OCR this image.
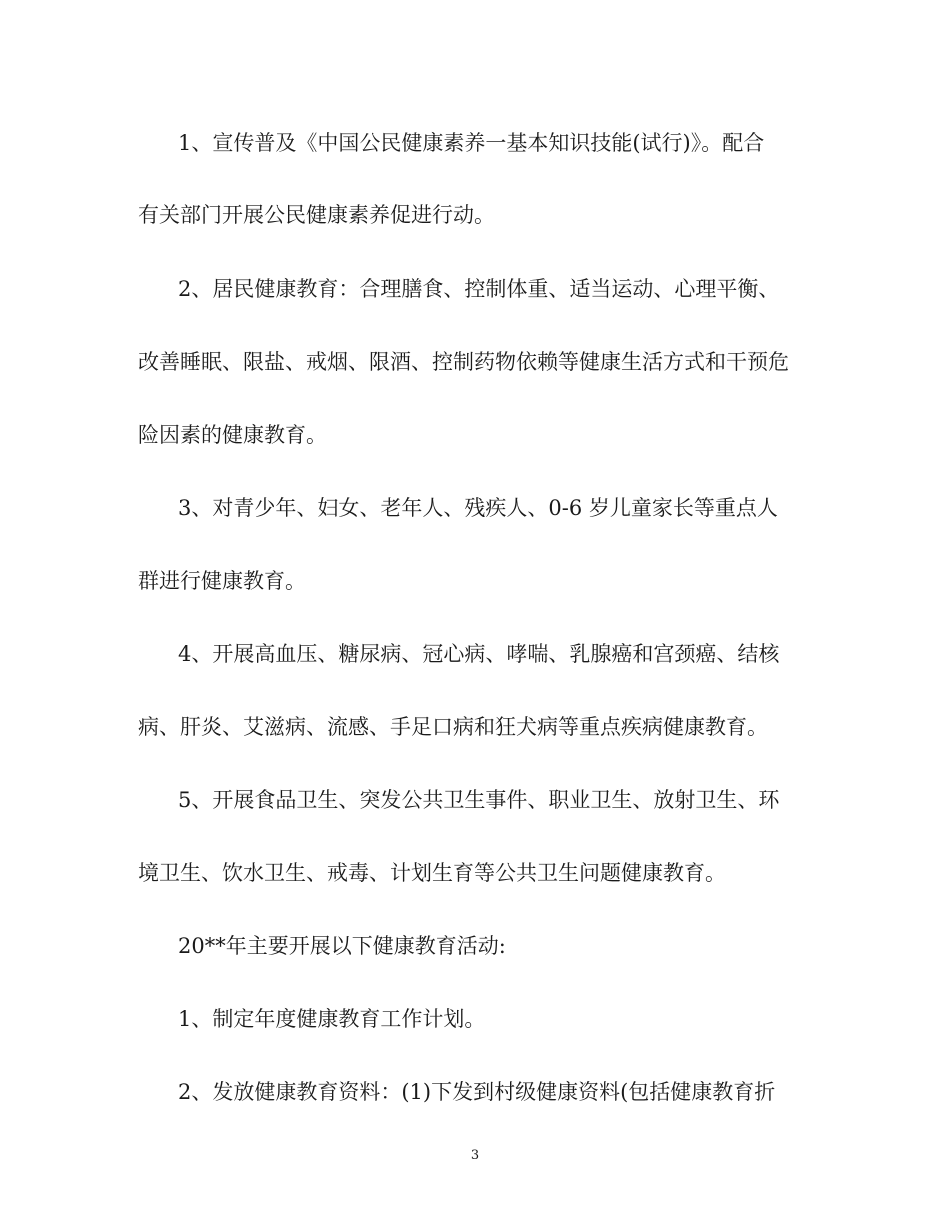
1、宣传普及《中国公民健康素养一基本知识技能(试行)》。配合
有关部门开展公民健康素养促进行动。
2、居民健康教育：合理膳食、控制体重、适当运动、心理平衡、
改善睡眠、限盐、戒烟、限酒、控制药物依赖等健康生活方式和干预危
险因素的健康教育。
3、对青少年、妇女、老年人、残疾人、0-6 岁儿童家长等重点人
群进行健康教育。
4、开展高血压、糖尿病、冠心病、哮喘、乳腺癌和宫颈癌、结核
病、肝炎、艾滋病、流感、手足口病和狂犬病等重点疾病健康教育。
5、开展食品卫生、突发公共卫生事件、职业卫生、放射卫生、环
境卫生、饮水卫生、戒毒、计划生育等公共卫生问题健康教育。
20**年主要开展以下健康教育活动:
1、制定年度健康教育工作计划。
2、发放健康教育资料：(1)下发到村级健康资料(包括健康教育折
3
